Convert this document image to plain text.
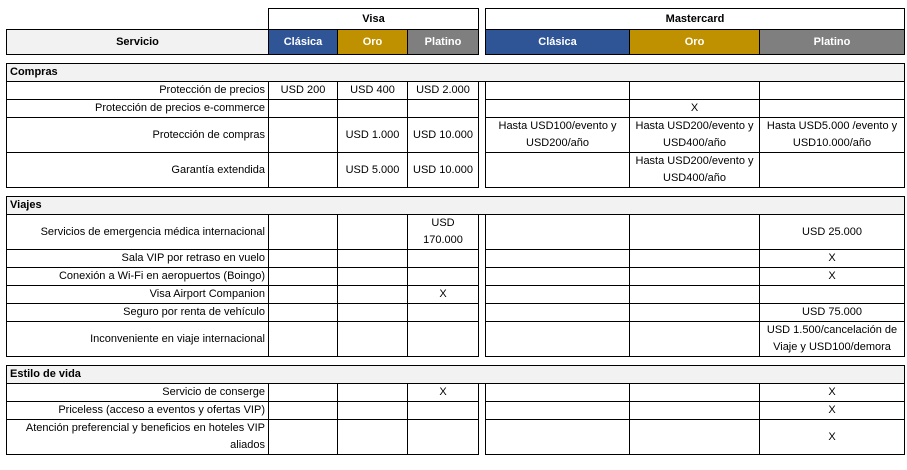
	Visa				Mastercard		
Servicio	Clásica	Oro	Platino		Clásica	Oro	Platino

Compras							
Protección de precios	USD 200	USD 400	USD 2.000				
Protección de precios e-commerce						X	
Protección de compras		USD 1.000	USD 10.000		Hasta USD100/evento y USD200/año	Hasta USD200/evento y USD400/año	Hasta USD5.000 /evento y USD10.000/año
Garantía extendida		USD 5.000	USD 10.000			Hasta USD200/evento y USD400/año	

Viajes							
Servicios de emergencia médica internacional			USD 170.000				USD 25.000
Sala VIP por retraso en vuelo							X
Conexión a Wi-Fi en aeropuertos (Boingo)							X
Visa Airport Companion			X				
Seguro por renta de vehículo							USD 75.000
Inconveniente en viaje internacional							USD 1.500/cancelación de Viaje y USD100/demora

Estilo de vida							
Servicio de conserge			X				X
Priceless (acceso a eventos y ofertas VIP)							X
Atención preferencial y beneficios en hoteles VIP aliados							X
